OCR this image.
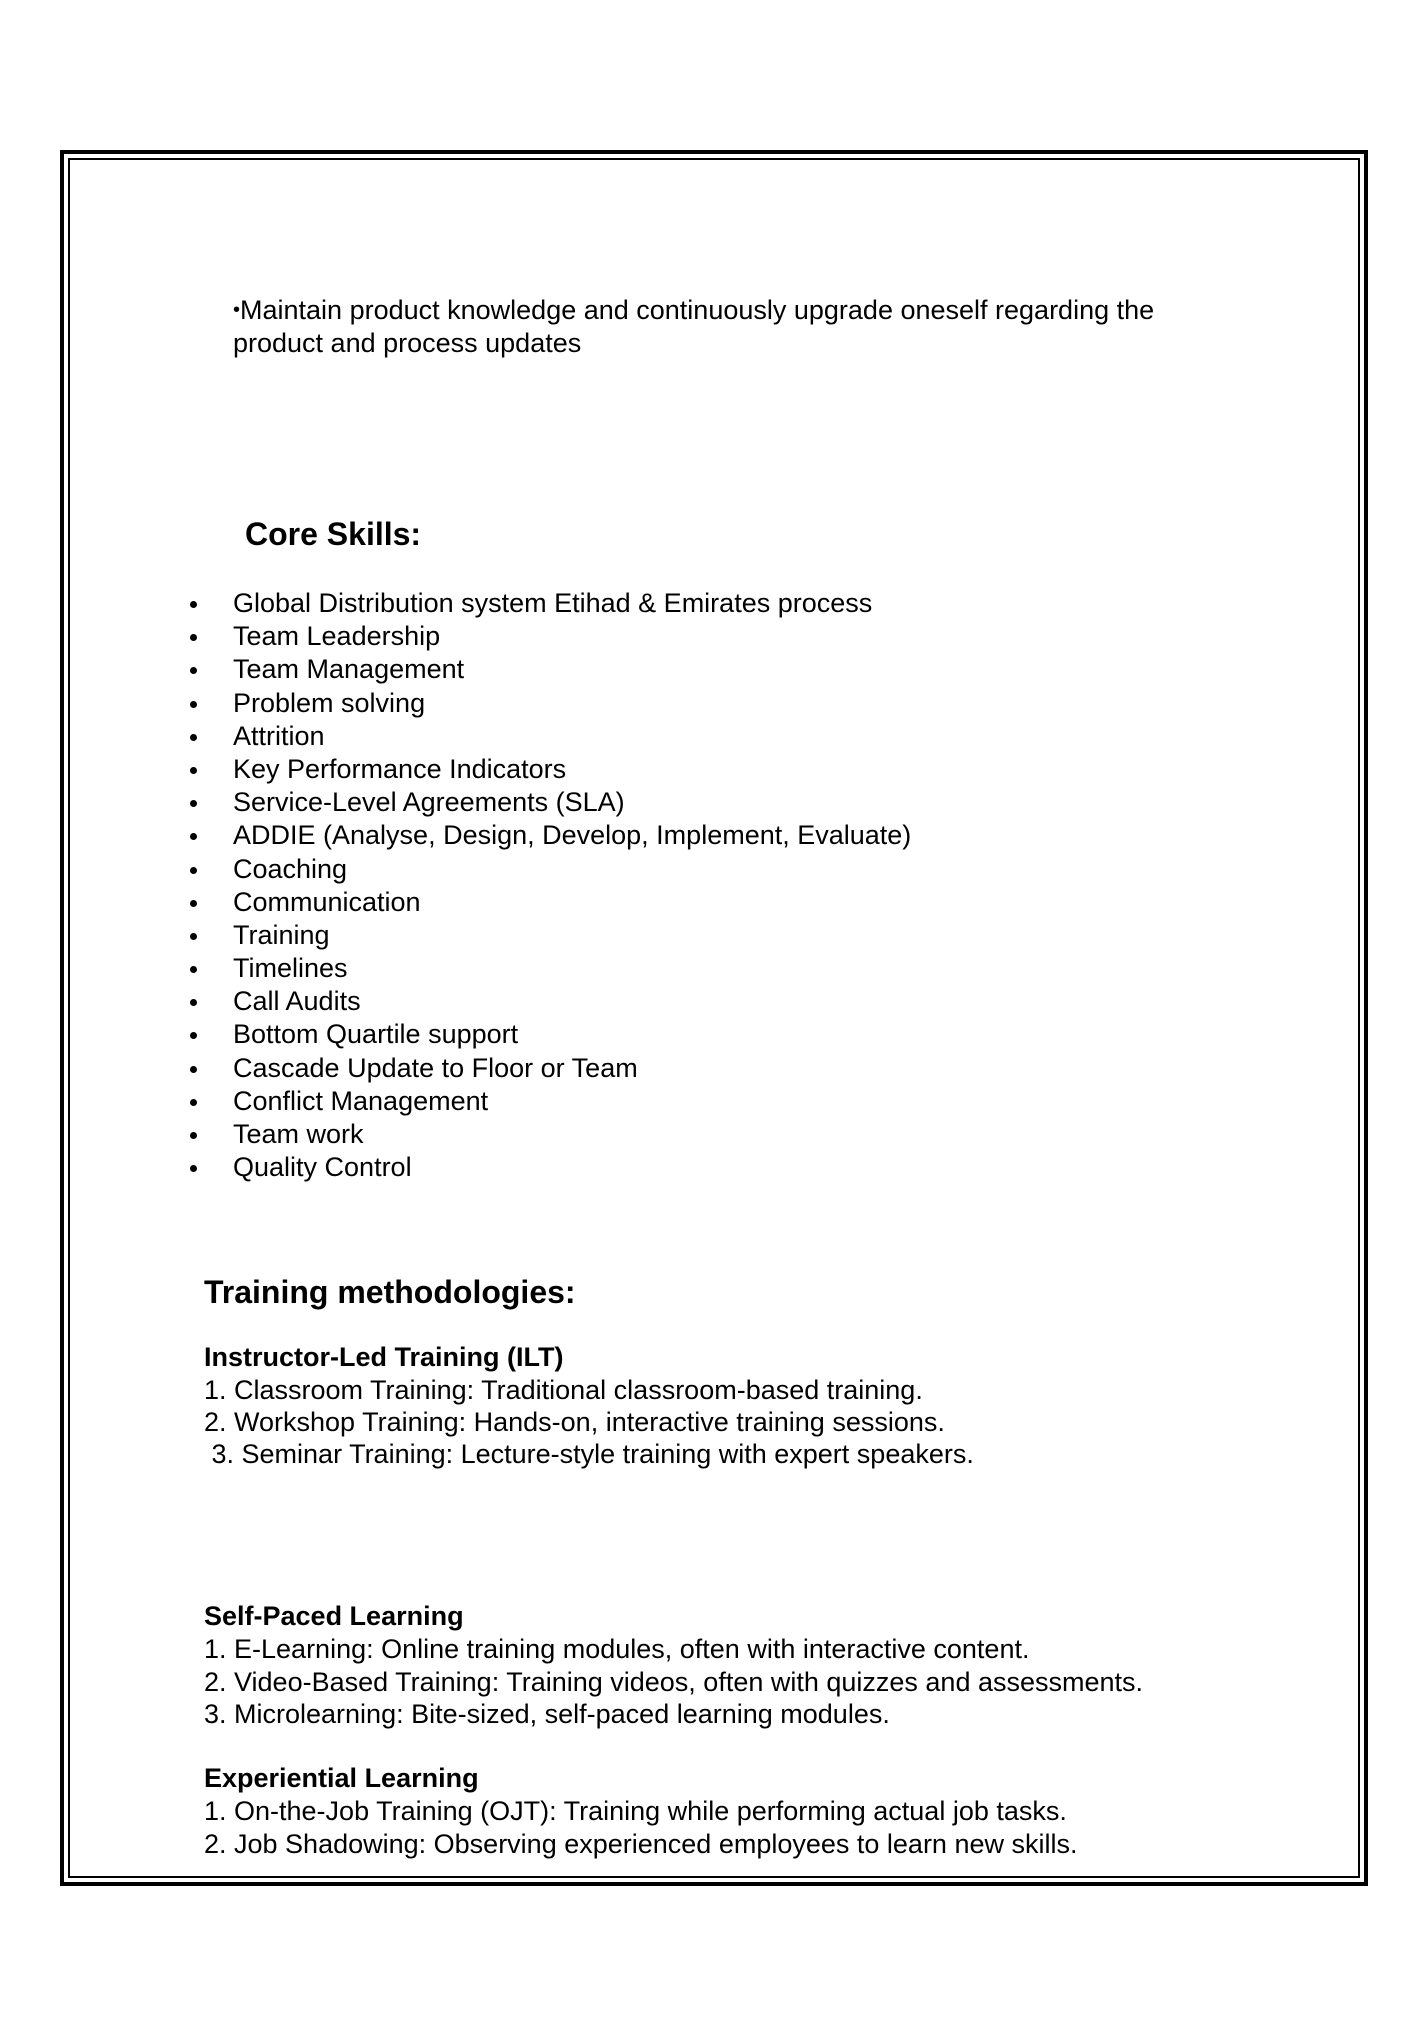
•Maintain product knowledge and continuously upgrade oneself regarding the product and process updates

Core Skills:
Global Distribution system Etihad & Emirates process
Team Leadership
Team Management
Problem solving
Attrition
Key Performance Indicators
Service-Level Agreements (SLA)
ADDIE (Analyse, Design, Develop, Implement, Evaluate)
Coaching
Communication
Training
Timelines
Call Audits
Bottom Quartile support
Cascade Update to Floor or Team
Conflict Management
Team work
Quality Control
Training methodologies:
Instructor-Led Training (ILT)
1. Classroom Training: Traditional classroom-based training.
2. Workshop Training: Hands-on, interactive training sessions.
3. Seminar Training: Lecture-style training with expert speakers.
Self-Paced Learning
1. E-Learning: Online training modules, often with interactive content.
2. Video-Based Training: Training videos, often with quizzes and assessments.
3. Microlearning: Bite-sized, self-paced learning modules.
Experiential Learning
1. On-the-Job Training (OJT): Training while performing actual job tasks.
2. Job Shadowing: Observing experienced employees to learn new skills.
